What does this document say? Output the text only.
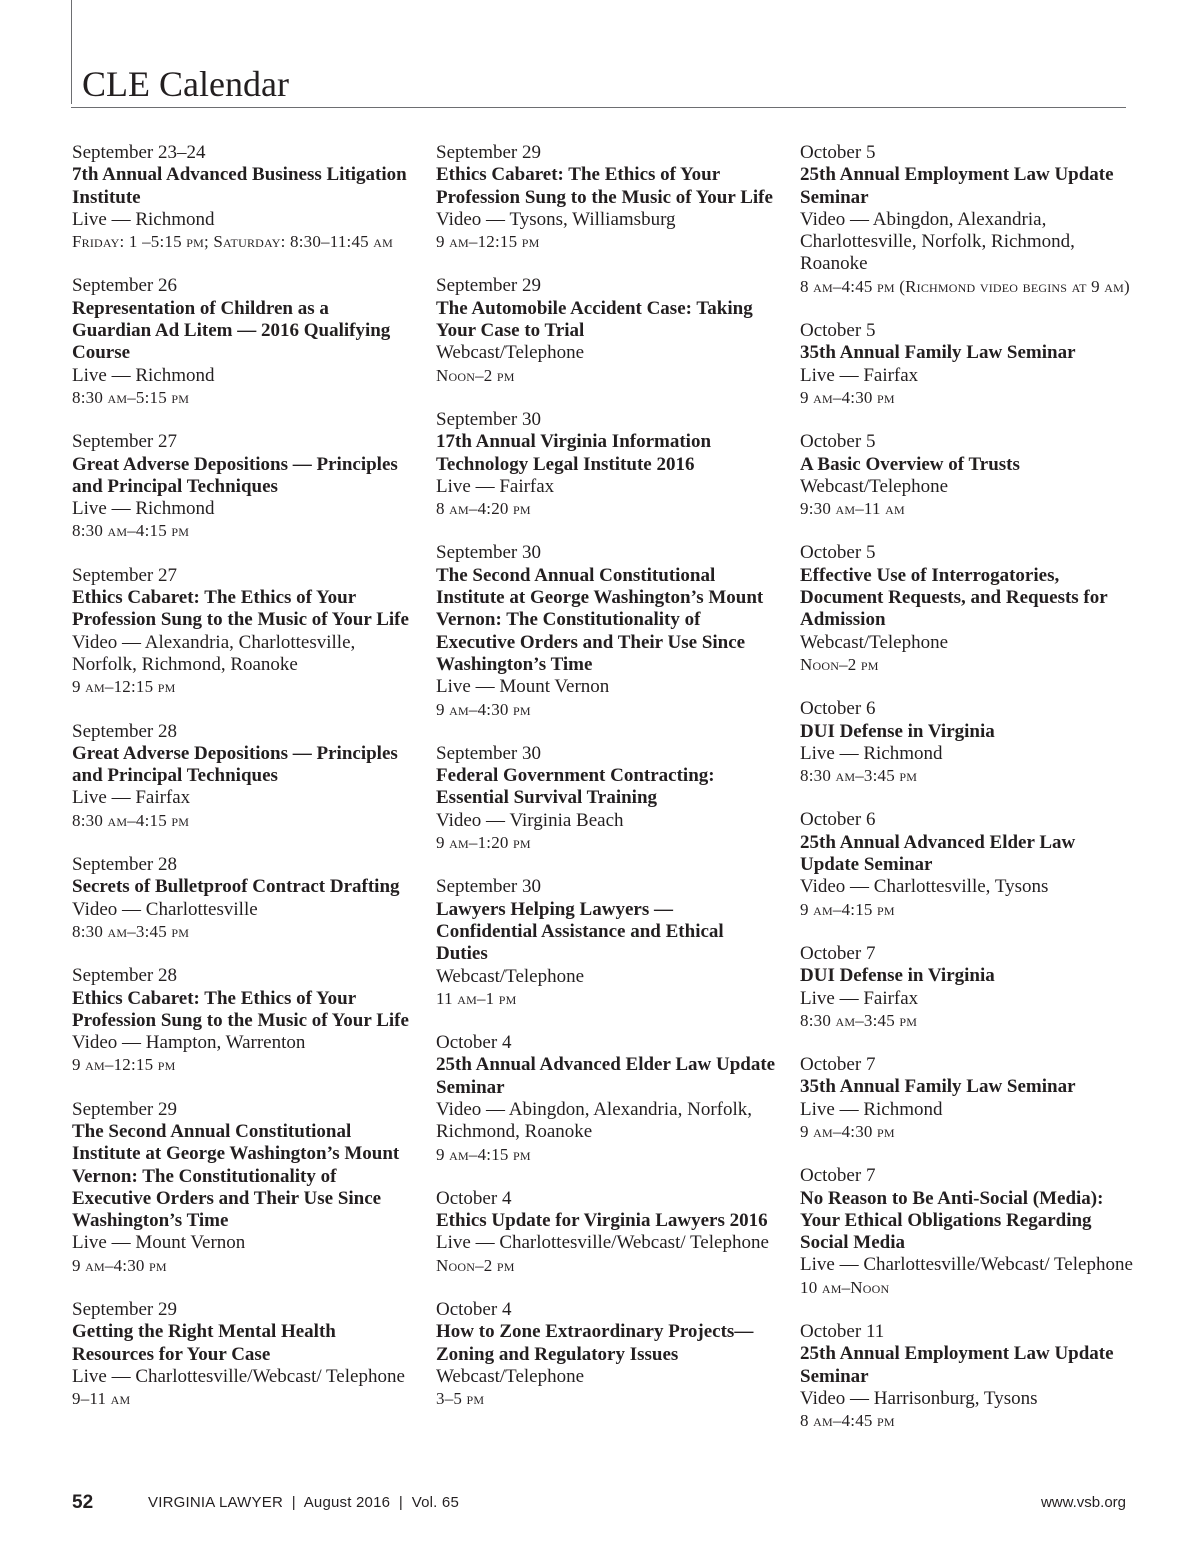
CLE Calendar
September 23–24
7th Annual Advanced Business Litigation Institute
Live — Richmond
Friday: 1 –5:15 pm; Saturday: 8:30–11:45 am
September 26
Representation of Children as a Guardian Ad Litem — 2016 Qualifying Course
Live — Richmond
8:30 am–5:15 pm
September 27
Great Adverse Depositions — Principles and Principal Techniques
Live — Richmond
8:30 am–4:15 pm
September 27
Ethics Cabaret: The Ethics of Your Profession Sung to the Music of Your Life
Video — Alexandria, Charlottesville, Norfolk, Richmond, Roanoke
9 am–12:15 pm
September 28
Great Adverse Depositions — Principles and Principal Techniques
Live — Fairfax
8:30 am–4:15 pm
September 28
Secrets of Bulletproof Contract Drafting
Video — Charlottesville
8:30 am–3:45 pm
September 28
Ethics Cabaret: The Ethics of Your Profession Sung to the Music of Your Life
Video — Hampton, Warrenton
9 am–12:15 pm
September 29
The Second Annual Constitutional Institute at George Washington’s Mount Vernon: The Constitutionality of Executive Orders and Their Use Since Washington’s Time
Live — Mount Vernon
9 am–4:30 pm
September 29
Getting the Right Mental Health Resources for Your Case
Live — Charlottesville/Webcast/ Telephone
9–11 am
September 29
Ethics Cabaret: The Ethics of Your Profession Sung to the Music of Your Life
Video — Tysons, Williamsburg
9 am–12:15 pm
September 29
The Automobile Accident Case: Taking Your Case to Trial
Webcast/Telephone
Noon–2 pm
September 30
17th Annual Virginia Information Technology Legal Institute 2016
Live — Fairfax
8 am–4:20 pm
September 30
The Second Annual Constitutional Institute at George Washington’s Mount Vernon: The Constitutionality of Executive Orders and Their Use Since Washington’s Time
Live — Mount Vernon
9 am–4:30 pm
September 30
Federal Government Contracting: Essential Survival Training
Video — Virginia Beach
9 am–1:20 pm
September 30
Lawyers Helping Lawyers — Confidential Assistance and Ethical Duties
Webcast/Telephone
11 am–1 pm
October 4
25th Annual Advanced Elder Law Update Seminar
Video — Abingdon, Alexandria, Norfolk, Richmond, Roanoke
9 am–4:15 pm
October 4
Ethics Update for Virginia Lawyers 2016
Live — Charlottesville/Webcast/ Telephone
Noon–2 pm
October 4
How to Zone Extraordinary Projects— Zoning and Regulatory Issues
Webcast/Telephone
3–5 pm
October 5
25th Annual Employment Law Update Seminar
Video — Abingdon, Alexandria, Charlottesville, Norfolk, Richmond, Roanoke
8 am–4:45 pm (Richmond video begins at 9 am)
October 5
35th Annual Family Law Seminar
Live — Fairfax
9 am–4:30 pm
October 5
A Basic Overview of Trusts
Webcast/Telephone
9:30 am–11 am
October 5
Effective Use of Interrogatories, Document Requests, and Requests for Admission
Webcast/Telephone
Noon–2 pm
October 6
DUI Defense in Virginia
Live — Richmond
8:30 am–3:45 pm
October 6
25th Annual Advanced Elder Law Update Seminar
Video — Charlottesville, Tysons
9 am–4:15 pm
October 7
DUI Defense in Virginia
Live — Fairfax
8:30 am–3:45 pm
October 7
35th Annual Family Law Seminar
Live — Richmond
9 am–4:30 pm
October 7
No Reason to Be Anti-Social (Media): Your Ethical Obligations Regarding Social Media
Live — Charlottesville/Webcast/ Telephone
10 am–Noon
October 11
25th Annual Employment Law Update Seminar
Video — Harrisonburg, Tysons
8 am–4:45 pm
52	VIRGINIA LAWYER  |  August 2016  |  Vol. 65	www.vsb.org
